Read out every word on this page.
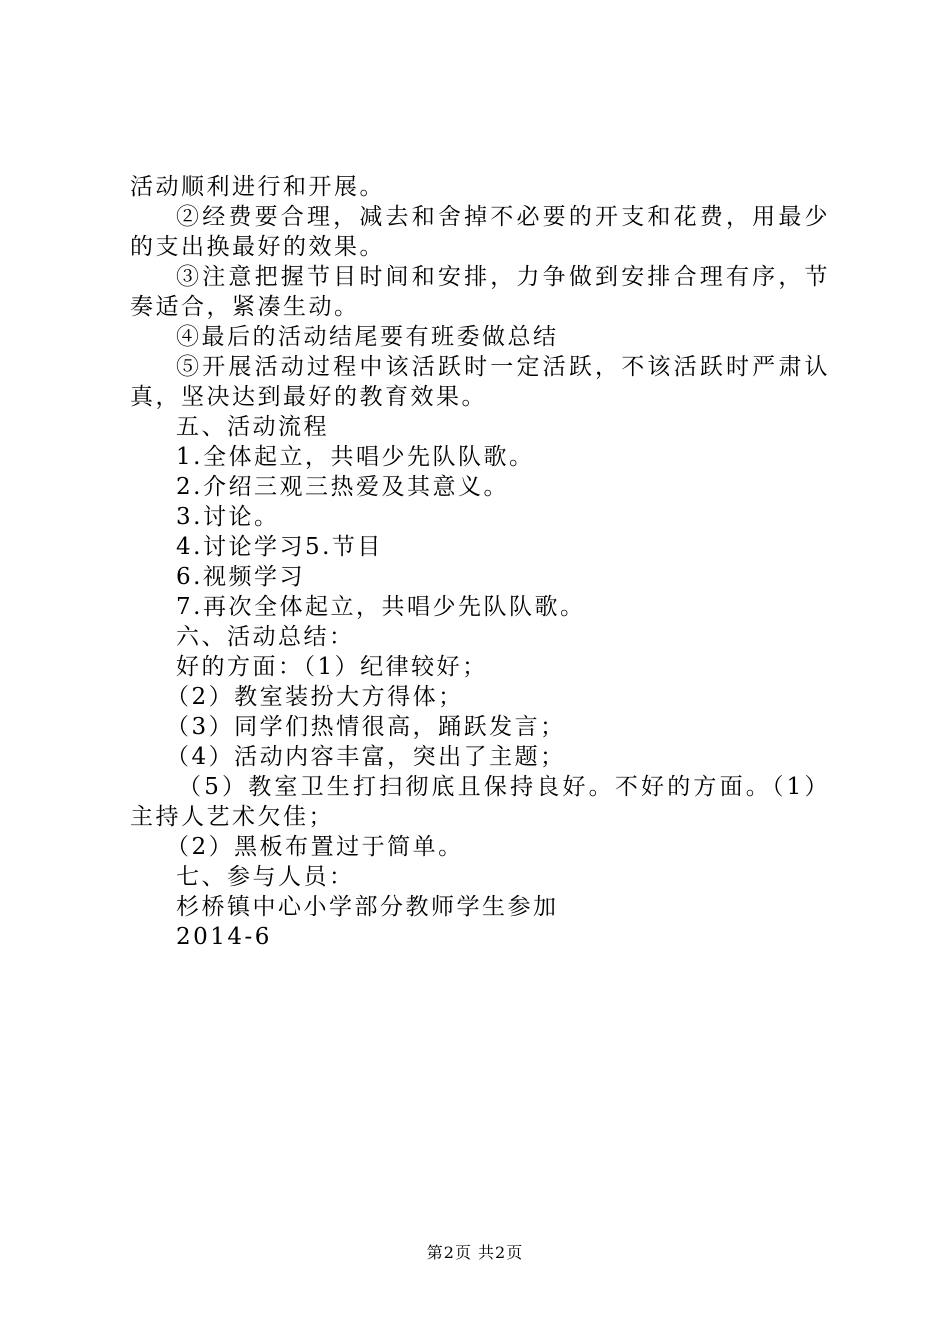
活动顺利进行和开展。

②经费要合理，减去和舍掉不必要的开支和花费，用最少的支出换最好的效果。

③注意把握节目时间和安排，力争做到安排合理有序，节奏适合，紧凑生动。

④最后的活动结尾要有班委做总结

⑤开展活动过程中该活跃时一定活跃，不该活跃时严肃认真，坚决达到最好的教育效果。

五、活动流程

1.全体起立，共唱少先队队歌。

2.介绍三观三热爱及其意义。

3.讨论。

4.讨论学习5.节目

6.视频学习

7.再次全体起立，共唱少先队队歌。

六、活动总结：

好的方面：（1）纪律较好；

（2）教室装扮大方得体；

（3）同学们热情很高，踊跃发言；

（4）活动内容丰富，突出了主题；

（5）教室卫生打扫彻底且保持良好。不好的方面。（1）主持人艺术欠佳；

（2）黑板布置过于简单。

七、参与人员：

杉桥镇中心小学部分教师学生参加

2014-6

第2页 共2页
